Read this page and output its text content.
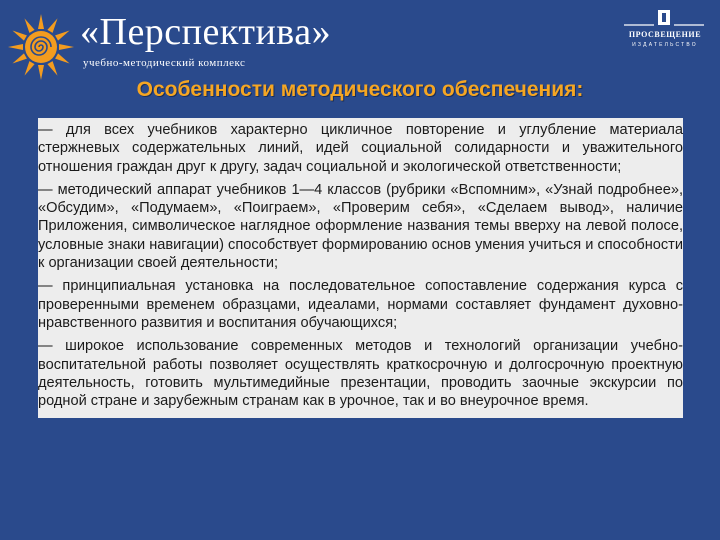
«Перспектива»
учебно-методический комплекс
ПРОСВЕЩЕНИЕ
ИЗДАТЕЛЬСТВО
Особенности методического обеспечения:

— для всех учебников характерно цикличное повторение и углубление материала стержневых содержательных линий, идей социальной солидарности и уважительного отношения граждан друг к другу, задач социальной и экологической ответственности;

— методический аппарат учебников 1—4 классов (рубрики «Вспомним», «Узнай подробнее», «Обсудим», «Подумаем», «Поиграем», «Проверим себя», «Сделаем вывод», наличие Приложения, символическое наглядное оформление названия темы вверху на левой полосе, условные знаки навигации) способствует формированию основ умения учиться и способности к организации своей деятельности;

— принципиальная установка на последовательное сопоставление содержания курса с проверенными временем образцами, идеалами, нормами составляет фундамент духовно-нравственного развития и воспитания обучающихся;

— широкое использование современных методов и технологий организации учебно-воспитательной работы позволяет осуществлять краткосрочную и долгосрочную проектную деятельность, готовить мультимедийные презентации, проводить заочные экскурсии по родной стране и зарубежным странам как в урочное, так и во внеурочное время.
